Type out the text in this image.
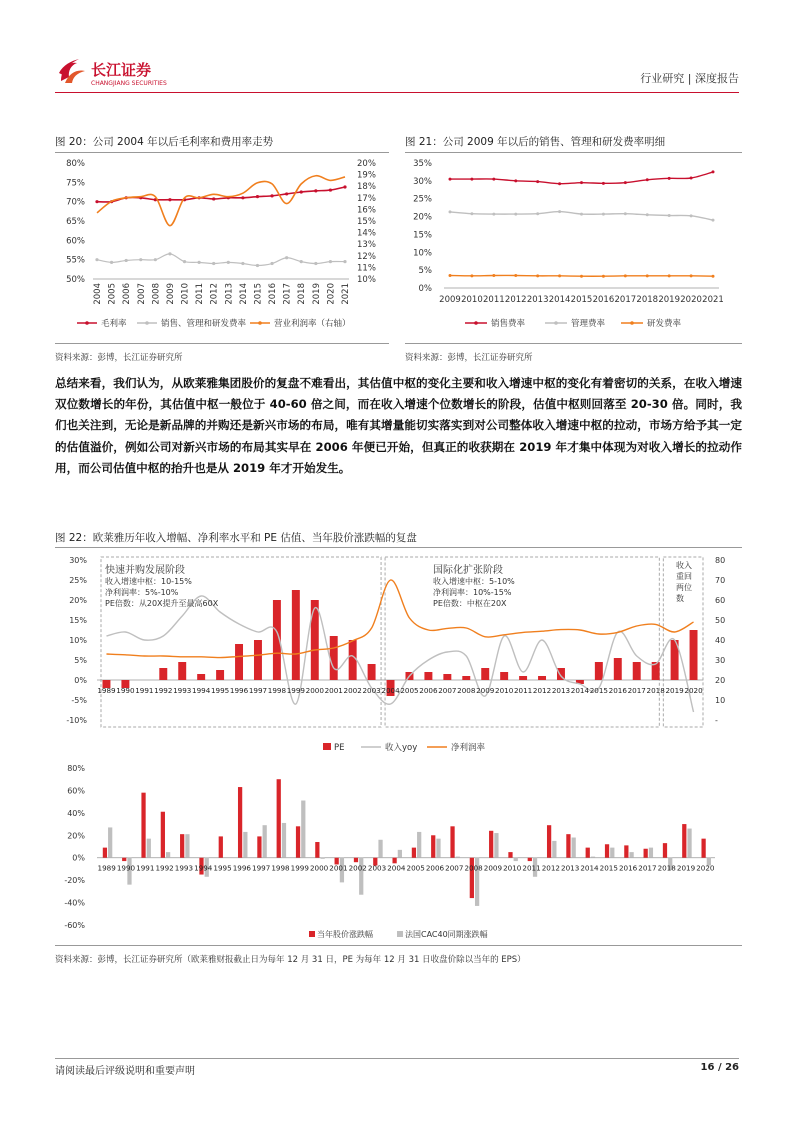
长江证券
CHANGJIANG SECURITIES	行业研究 | 深度报告
图 20：公司 2004 年以后毛利率和费用率走势
50%
55%
60%
65%
70%
75%
80%
10%
11%
12%
13%
14%
15%
16%
17%
18%
19%
20%
2004 2005 2006 2007 2008 2009 2010 2011 2012 2013 2014 2015 2016 2017 2018 2019 2020 2021
毛利率	销售、管理和研发费率	营业利润率（右轴）
资料来源：彭博，长江证券研究所
图 21：公司 2009 年以后的销售、管理和研发费率明细
0%
5%
10%
15%
20%
25%
30%
35%
2009 2010 2011 2012 2013 2014 2015 2016 2017 2018 2019 2020 2021
销售费率	管理费率	研发费率
资料来源：彭博，长江证券研究所
总结来看，我们认为，从欧莱雅集团股价的复盘不难看出，其估值中枢的变化主要和收入增速中枢的变化有着密切的关系，在收入增速双位数增长的年份，其估值中枢一般位于 40-60 倍之间，而在收入增速个位数增长的阶段，估值中枢则回落至 20-30 倍。同时，我们也关注到，无论是新品牌的并购还是新兴市场的布局，唯有其增量能切实落实到对公司整体收入增速中枢的拉动，市场方给予其一定的估值溢价，例如公司对新兴市场的布局其实早在 2006 年便已开始，但真正的收获期在 2019 年才集中体现为对收入增长的拉动作用，而公司估值中枢的抬升也是从 2019 年才开始发生。
图 22：欧莱雅历年收入增幅、净利率水平和 PE 估值、当年股价涨跌幅的复盘
-10%
-5%
0%
5%
10%
15%
20%
25%
30%
-
10
20
30
40
50
60
70
80
1989 1990 1991 1992 1993 1994 1995 1996 1997 1998 1999 2000 2001 2002 2003 2004 2005 2006 2007 2008 2009 2010 2011 2012 2013 2014 2015 2016 2017 2018 2019 2020
PE	收入yoy	净利润率
-60%
-40%
-20%
0%
20%
40%
60%
80%
1989 1990 1991 1992 1993 1994 1995 1996 1997 1998 1999 2000 2001 2002 2003 2004 2005 2006 2007 2008 2009 2010 2011 2012 2013 2014 2015 2016 2017 2018 2019 2020
当年股价涨跌幅	法国CAC40同期涨跌幅
快速并购发展阶段
收入增速中枢：10-15%
净利润率：5%-10%
PE倍数：从20X提升至最高60X
国际化扩张阶段
收入增速中枢：5-10%
净利润率：10%-15%
PE倍数：中枢在20X
收入
重回
两位
数
资料来源：彭博，长江证券研究所（欧莱雅财报截止日为每年 12 月 31 日，PE 为每年 12 月 31 日收盘价除以当年的 EPS）
请阅读最后评级说明和重要声明	16 / 26
